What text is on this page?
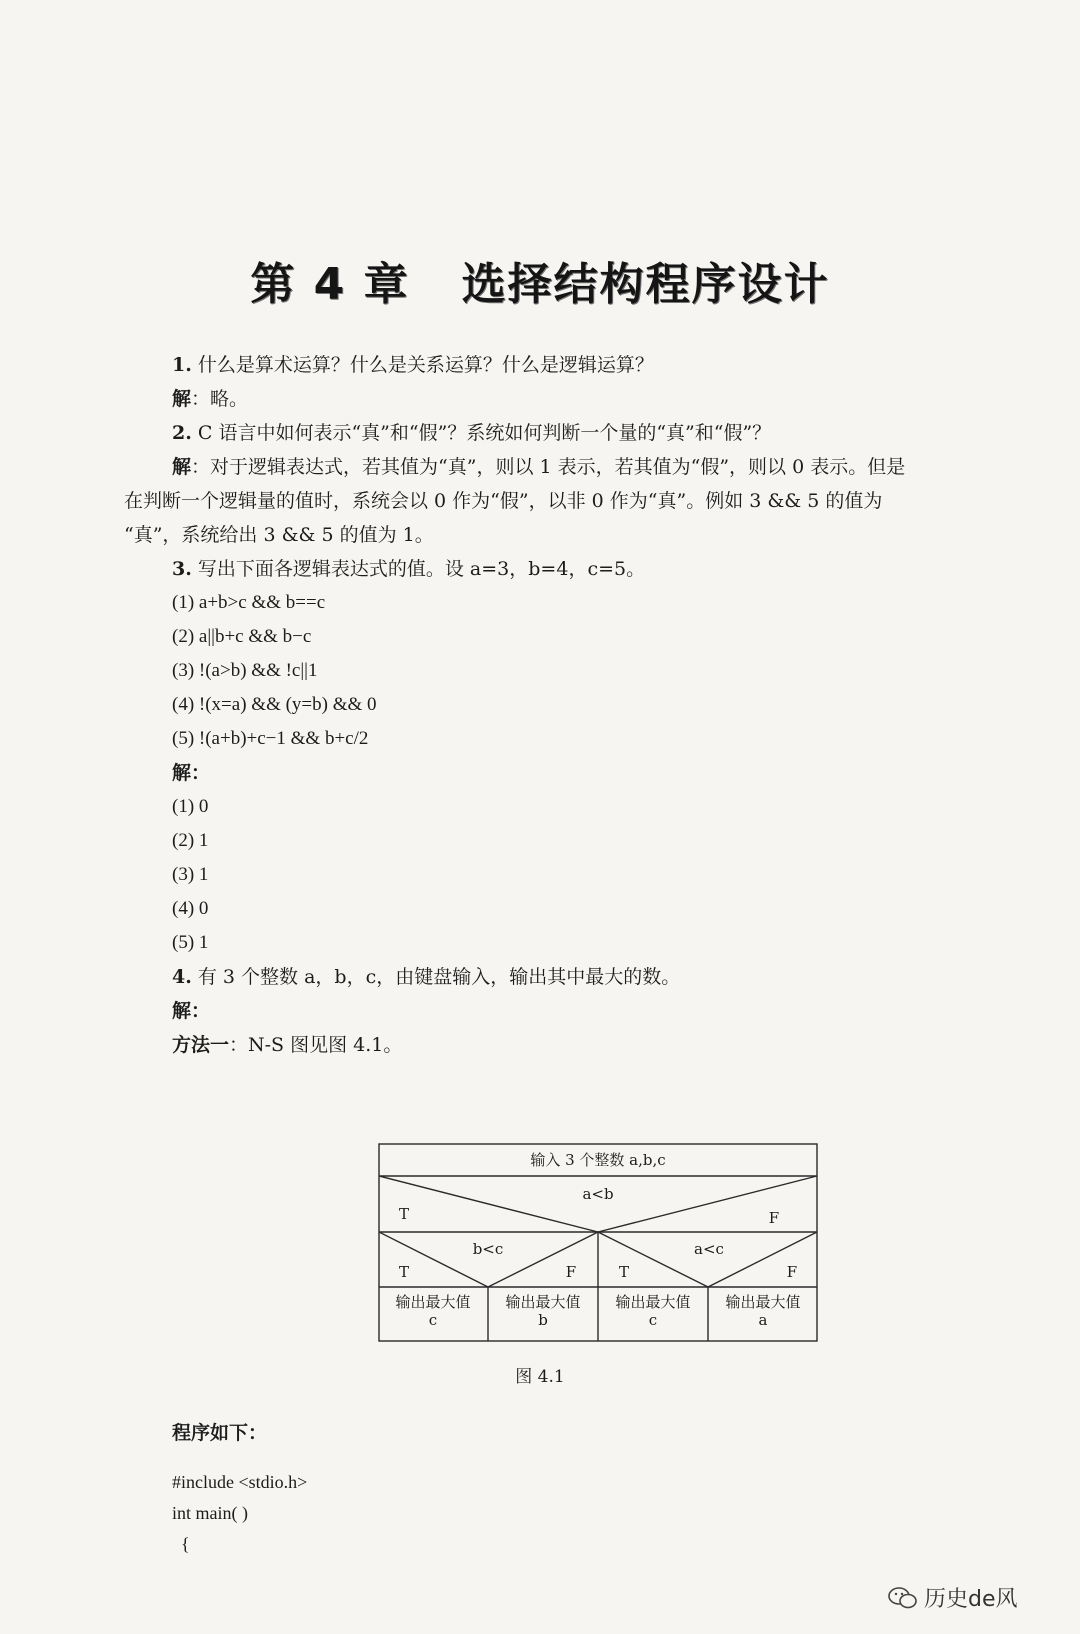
第 4 章 选择结构程序设计
1. 什么是算术运算？什么是关系运算？什么是逻辑运算？
解：略。
2. C 语言中如何表示“真”和“假”？系统如何判断一个量的“真”和“假”？
解：对于逻辑表达式，若其值为“真”，则以 1 表示，若其值为“假”，则以 0 表示。但是
在判断一个逻辑量的值时，系统会以 0 作为“假”，以非 0 作为“真”。例如 3 && 5 的值为
“真”，系统给出 3 && 5 的值为 1。
3. 写出下面各逻辑表达式的值。设 a=3，b=4，c=5。
(1) a+b>c && b==c
(2) a||b+c && b−c
(3) !(a>b) && !c||1
(4) !(x=a) && (y=b) && 0
(5) !(a+b)+c−1 && b+c/2
解：
(1) 0
(2) 1
(3) 1
(4) 0
(5) 1
4. 有 3 个整数 a，b，c，由键盘输入，输出其中最大的数。
解：
方法一：N-S 图见图 4.1。
输入 3 个整数 a,b,c
a<b
T	F
b<c
T	F
a<c
T	F
输出最大值
c
输出最大值
b
输出最大值
c
输出最大值
a
图 4.1
程序如下：
#include <stdio.h>
int main( )
{
历史de风
